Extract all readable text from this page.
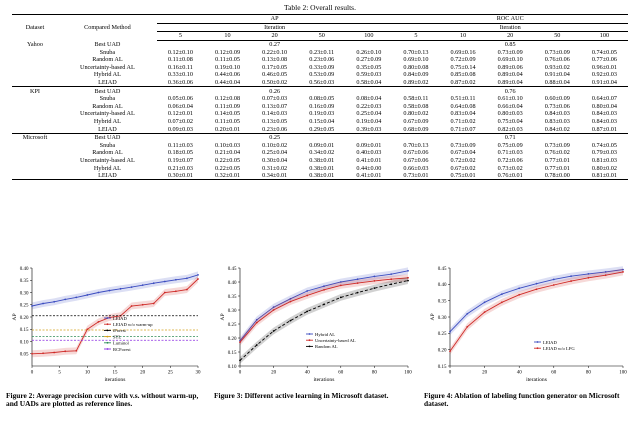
Table 2: Overall results.
Dataset	Compared Method	AP					ROC AUC				
		Iteration					Iteration				
		5	10	20	50	100	5	10	20	50	100
Yahoo	Best UAD			0.27					0.85		
	Snuba	0.12±0.10	0.12±0.09	0.22±0.10	0.23±0.11	0.26±0.10	0.70±0.13	0.69±0.16	0.73±0.09	0.73±0.09	0.74±0.05
	Random AL	0.11±0.08	0.11±0.05	0.13±0.08	0.23±0.06	0.27±0.09	0.69±0.10	0.72±0.09	0.69±0.10	0.76±0.06	0.77±0.06
	Uncertainty-based AL	0.16±0.11	0.19±0.10	0.17±0.05	0.33±0.09	0.35±0.05	0.80±0.08	0.75±0.14	0.89±0.06	0.93±0.02	0.96±0.01
	Hybrid AL	0.33±0.10	0.44±0.06	0.46±0.05	0.53±0.09	0.59±0.03	0.84±0.09	0.85±0.08	0.89±0.04	0.91±0.04	0.92±0.03
	LEIAD	0.36±0.06	0.44±0.04	0.50±0.02	0.56±0.03	0.58±0.04	0.89±0.02	0.87±0.02	0.89±0.04	0.88±0.04	0.91±0.04
KPI	Best UAD			0.26					0.76		
	Snuba	0.05±0.06	0.12±0.08	0.07±0.03	0.08±0.05	0.08±0.04	0.58±0.11	0.51±0.11	0.61±0.10	0.60±0.09	0.64±0.07
	Random AL	0.06±0.04	0.11±0.09	0.13±0.07	0.16±0.09	0.22±0.03	0.58±0.08	0.64±0.08	0.66±0.04	0.73±0.06	0.80±0.04
	Uncertainty-based AL	0.12±0.01	0.14±0.05	0.14±0.03	0.19±0.03	0.25±0.04	0.80±0.02	0.83±0.04	0.80±0.03	0.84±0.03	0.84±0.03
	Hybrid AL	0.07±0.02	0.11±0.05	0.13±0.05	0.15±0.04	0.19±0.04	0.67±0.09	0.71±0.02	0.75±0.04	0.83±0.03	0.84±0.03
	LEIAD	0.09±0.03	0.20±0.01	0.23±0.06	0.29±0.05	0.39±0.03	0.68±0.09	0.71±0.07	0.82±0.03	0.84±0.02	0.87±0.01
Microsoft	Best UAD			0.25					0.71		
	Snuba	0.11±0.03	0.10±0.03	0.10±0.02	0.09±0.01	0.09±0.01	0.70±0.13	0.73±0.09	0.75±0.09	0.73±0.09	0.74±0.05
	Random AL	0.18±0.05	0.21±0.04	0.25±0.04	0.34±0.02	0.40±0.03	0.67±0.06	0.67±0.04	0.71±0.03	0.76±0.02	0.79±0.03
	Uncertainty-based AL	0.19±0.07	0.22±0.05	0.30±0.04	0.38±0.01	0.41±0.01	0.67±0.06	0.72±0.02	0.72±0.06	0.77±0.01	0.81±0.03
	Hybrid AL	0.21±0.03	0.22±0.05	0.31±0.02	0.38±0.01	0.44±0.00	0.66±0.03	0.67±0.02	0.73±0.02	0.77±0.01	0.80±0.02
	LEIAD	0.30±0.01	0.32±0.01	0.34±0.01	0.38±0.01	0.41±0.01	0.73±0.01	0.75±0.01	0.76±0.01	0.78±0.00	0.81±0.01
0	5	10	15	20	25	30
0.05
0.10
0.15
0.20
0.25
0.30
0.35
0.40
iterations
AP	LEIAD
LEIAD w/o warm-up
iForest
STL
Luminol
RCForest
Figure 2: Average precision curve with v.s. without warm-up, and UADs are plotted as reference lines.
0	20	40	60	80	100
0.10
0.15
0.20
0.25
0.30
0.35
0.40
0.45
iterations
AP
Hybrid AL
Uncertainty-based AL
Random AL
Figure 3: Different active learning in Microsoft dataset.
0	20	40	60	80	100
0.15
0.20
0.25
0.30
0.35
0.40
0.45
iterations
AP
LEIAD
LEIAD w/o LFG
Figure 4: Ablation of labeling function generator on Microsoft dataset.
